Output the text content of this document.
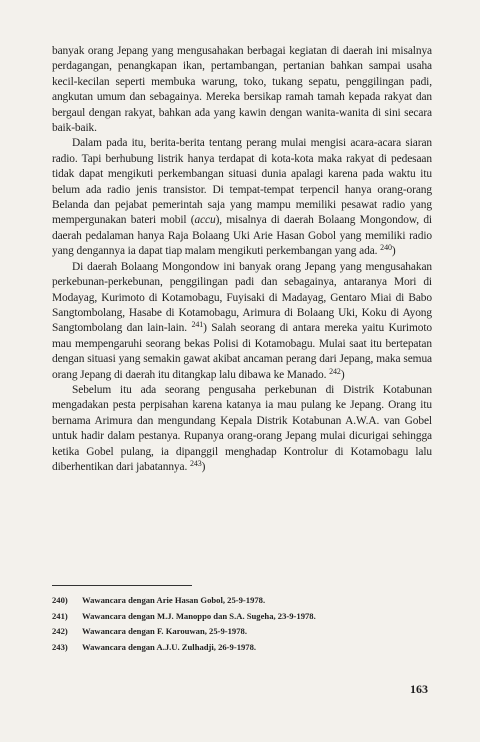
banyak orang Jepang yang mengusahakan berbagai kegiatan di daerah ini misalnya perdagangan, penangkapan ikan, pertambangan, pertanian bahkan sampai usaha kecil-kecilan seperti membuka warung, toko, tukang sepatu, penggilingan padi, angkutan umum dan sebagainya. Mereka bersikap ramah tamah kepada rakyat dan bergaul dengan rakyat, bahkan ada yang kawin dengan wanita-wanita di sini secara baik-baik.

Dalam pada itu, berita-berita tentang perang mulai mengisi acara-acara siaran radio. Tapi berhubung listrik hanya terdapat di kota-kota maka rakyat di pedesaan tidak dapat mengikuti perkembangan situasi dunia apalagi karena pada waktu itu belum ada radio jenis transistor. Di tempat-tempat terpencil hanya orang-orang Belanda dan pejabat pemerintah saja yang mampu memiliki pesawat radio yang mempergunakan bateri mobil (accu), misalnya di daerah Bolaang Mongondow, di daerah pedalaman hanya Raja Bolaang Uki Arie Hasan Gobol yang memiliki radio yang dengannya ia dapat tiap malam mengikuti perkembangan yang ada. $^{240}$)

Di daerah Bolaang Mongondow ini banyak orang Jepang yang mengusahakan perkebunan-perkebunan, penggilingan padi dan sebagainya, antaranya Mori di Modayag, Kurimoto di Kotamobagu, Fuyisaki di Madayag, Gentaro Miai di Babo Sangtombolang, Hasabe di Kotamobagu, Arimura di Bolaang Uki, Koku di Ayong Sangtombolang dan lain-lain. $^{241}$) Salah seorang di antara mereka yaitu Kurimoto mau mempengaruhi seorang bekas Polisi di Kotamobagu. Mulai saat itu bertepatan dengan situasi yang semakin gawat akibat ancaman perang dari Jepang, maka semua orang Jepang di daerah itu ditangkap lalu dibawa ke Manado. $^{242}$)

Sebelum itu ada seorang pengusaha perkebunan di Distrik Kotabunan mengadakan pesta perpisahan karena katanya ia mau pulang ke Jepang. Orang itu bernama Arimura dan mengundang Kepala Distrik Kotabunan A.W.A. van Gobel untuk hadir dalam pestanya. Rupanya orang-orang Jepang mulai dicurigai sehingga ketika Gobel pulang, ia dipanggil menghadap Kontrolur di Kotamobagu lalu diberhentikan dari jabatannya. $^{243}$)

240)	Wawancara dengan Arie Hasan Gobol, 25-9-1978.
241)	Wawancara dengan M.J. Manoppo dan S.A. Sugeha, 23-9-1978.
242)	Wawancara dengan F. Karouwan, 25-9-1978.
243)	Wawancara dengan A.J.U. Zulhadji, 26-9-1978.
163
